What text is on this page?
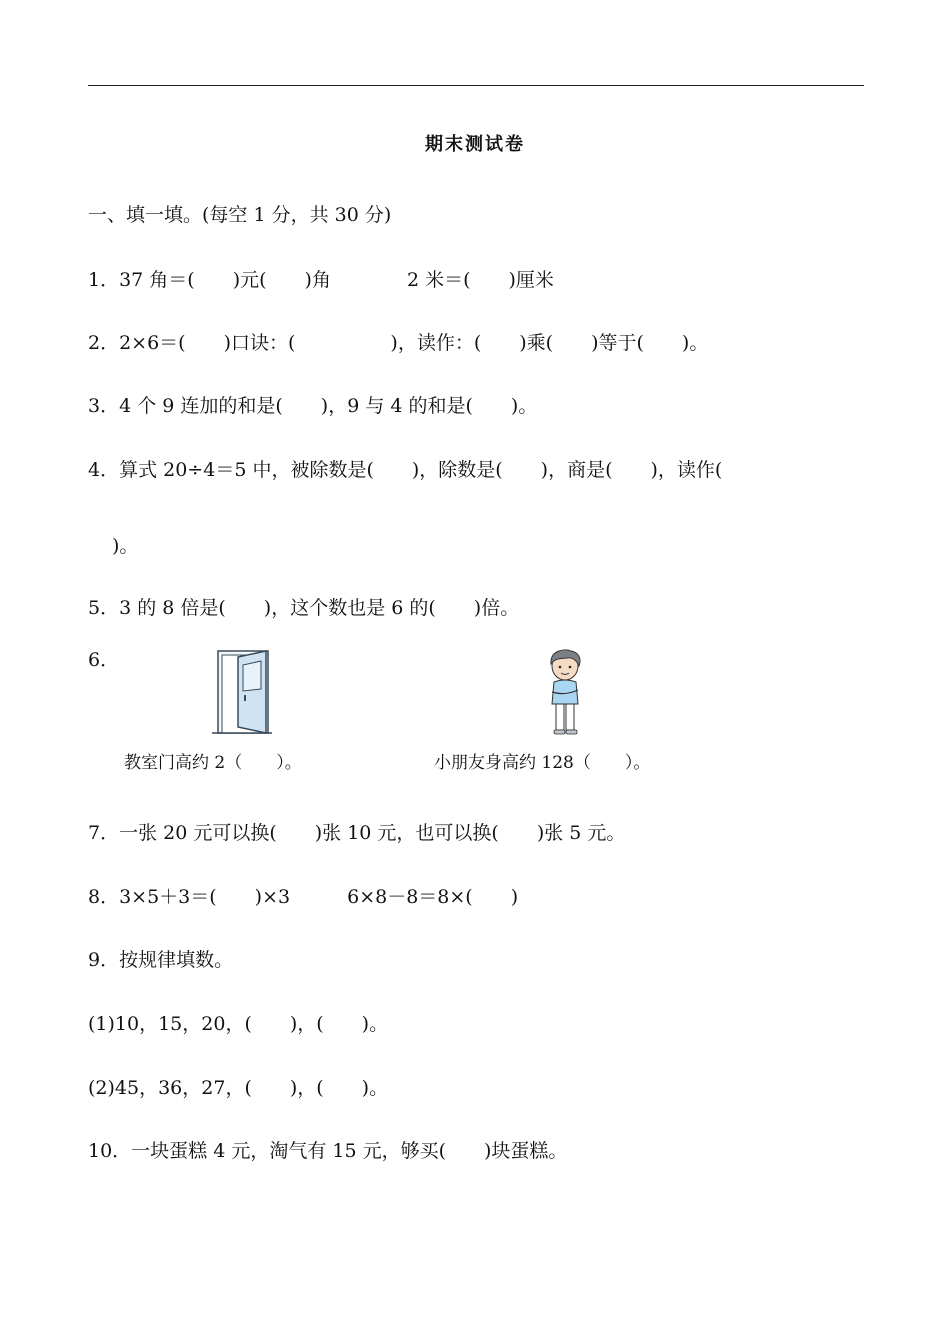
期末测试卷
一、填一填。(每空 1 分，共 30 分)
1．37 角＝(　　)元(　　)角　　　　2 米＝(　　)厘米
2．2×6＝(　　)口诀：(　　　　　)，读作：(　　)乘(　　)等于(　　)。
3．4 个 9 连加的和是(　　)，9 与 4 的和是(　　)。
4．算式 20÷4＝5 中，被除数是(　　)，除数是(　　)，商是(　　)，读作(
)。
5．3 的 8 倍是(　　)，这个数也是 6 的(　　)倍。
6．
教室门高约 2（　　）。	小朋友身高约 128（　　）。
7．一张 20 元可以换(　　)张 10 元，也可以换(　　)张 5 元。
8．3×5＋3＝(　　)×3　　　6×8－8＝8×(　　)
9．按规律填数。
(1)10，15，20，(　　)，(　　)。
(2)45，36，27，(　　)，(　　)。
10．一块蛋糕 4 元，淘气有 15 元，够买(　　)块蛋糕。
